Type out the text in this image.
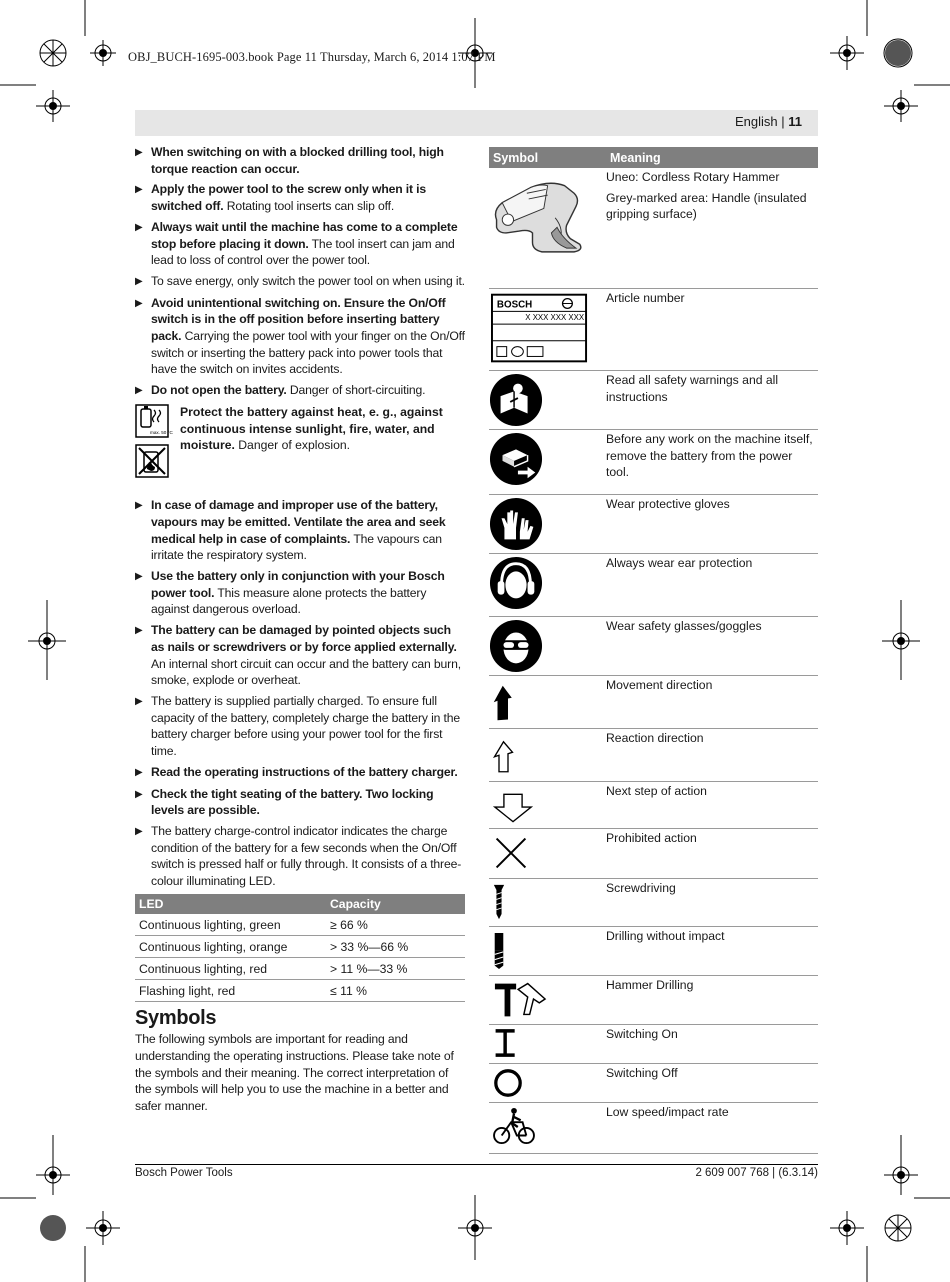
OBJ_BUCH-1695-003.book Page 11 Thursday, March 6, 2014 1:07 PM
English | 11
▶ When switching on with a blocked drilling tool, high torque reaction can occur.
▶ Apply the power tool to the screw only when it is switched off. Rotating tool inserts can slip off.
▶ Always wait until the machine has come to a complete stop before placing it down. The tool insert can jam and lead to loss of control over the power tool.
▶ To save energy, only switch the power tool on when using it.
▶ Avoid unintentional switching on. Ensure the On/Off switch is in the off position before inserting battery pack. Carrying the power tool with your finger on the On/Off switch or inserting the battery pack into power tools that have the switch on invites accidents.
▶ Do not open the battery. Danger of short-circuiting.
max. 50 °C

Protect the battery against heat, e. g., against continuous intense sunlight, fire, water, and moisture. Danger of explosion.
▶ In case of damage and improper use of the battery, vapours may be emitted. Ventilate the area and seek medical help in case of complaints. The vapours can irritate the respiratory system.
▶ Use the battery only in conjunction with your Bosch power tool. This measure alone protects the battery against dangerous overload.
▶ The battery can be damaged by pointed objects such as nails or screwdrivers or by force applied externally. An internal short circuit can occur and the battery can burn, smoke, explode or overheat.
▶ The battery is supplied partially charged. To ensure full capacity of the battery, completely charge the battery in the battery charger before using your power tool for the first time.
▶ Read the operating instructions of the battery charger.
▶ Check the tight seating of the battery. Two locking levels are possible.
▶ The battery charge-control indicator indicates the charge condition of the battery for a few seconds when the On/Off switch is pressed half or fully through. It consists of a three-colour illuminating LED.
LED	Capacity
Continuous lighting, green	≥ 66 %
Continuous lighting, orange	> 33 %—66 %
Continuous lighting, red	> 11 %—33 %
Flashing light, red	≤ 11 %
Symbols
The following symbols are important for reading and understanding the operating instructions. Please take note of the symbols and their meaning. The correct interpretation of the symbols will help you to use the machine in a better and safer manner.
Symbol	Meaning
Uneo: Cordless Rotary Hammer
Grey-marked area: Handle (insulated gripping surface)
BOSCH
X XXX XXX XXX
Article number
Read all safety warnings and all instructions
Before any work on the machine itself, remove the battery from the power tool.
Wear protective gloves
Always wear ear protection
Wear safety glasses/goggles
Movement direction
Reaction direction
Next step of action
Prohibited action
Screwdriving
Drilling without impact
Hammer Drilling
Switching On
Switching Off
Low speed/impact rate
Bosch Power Tools	2 609 007 768 | (6.3.14)
